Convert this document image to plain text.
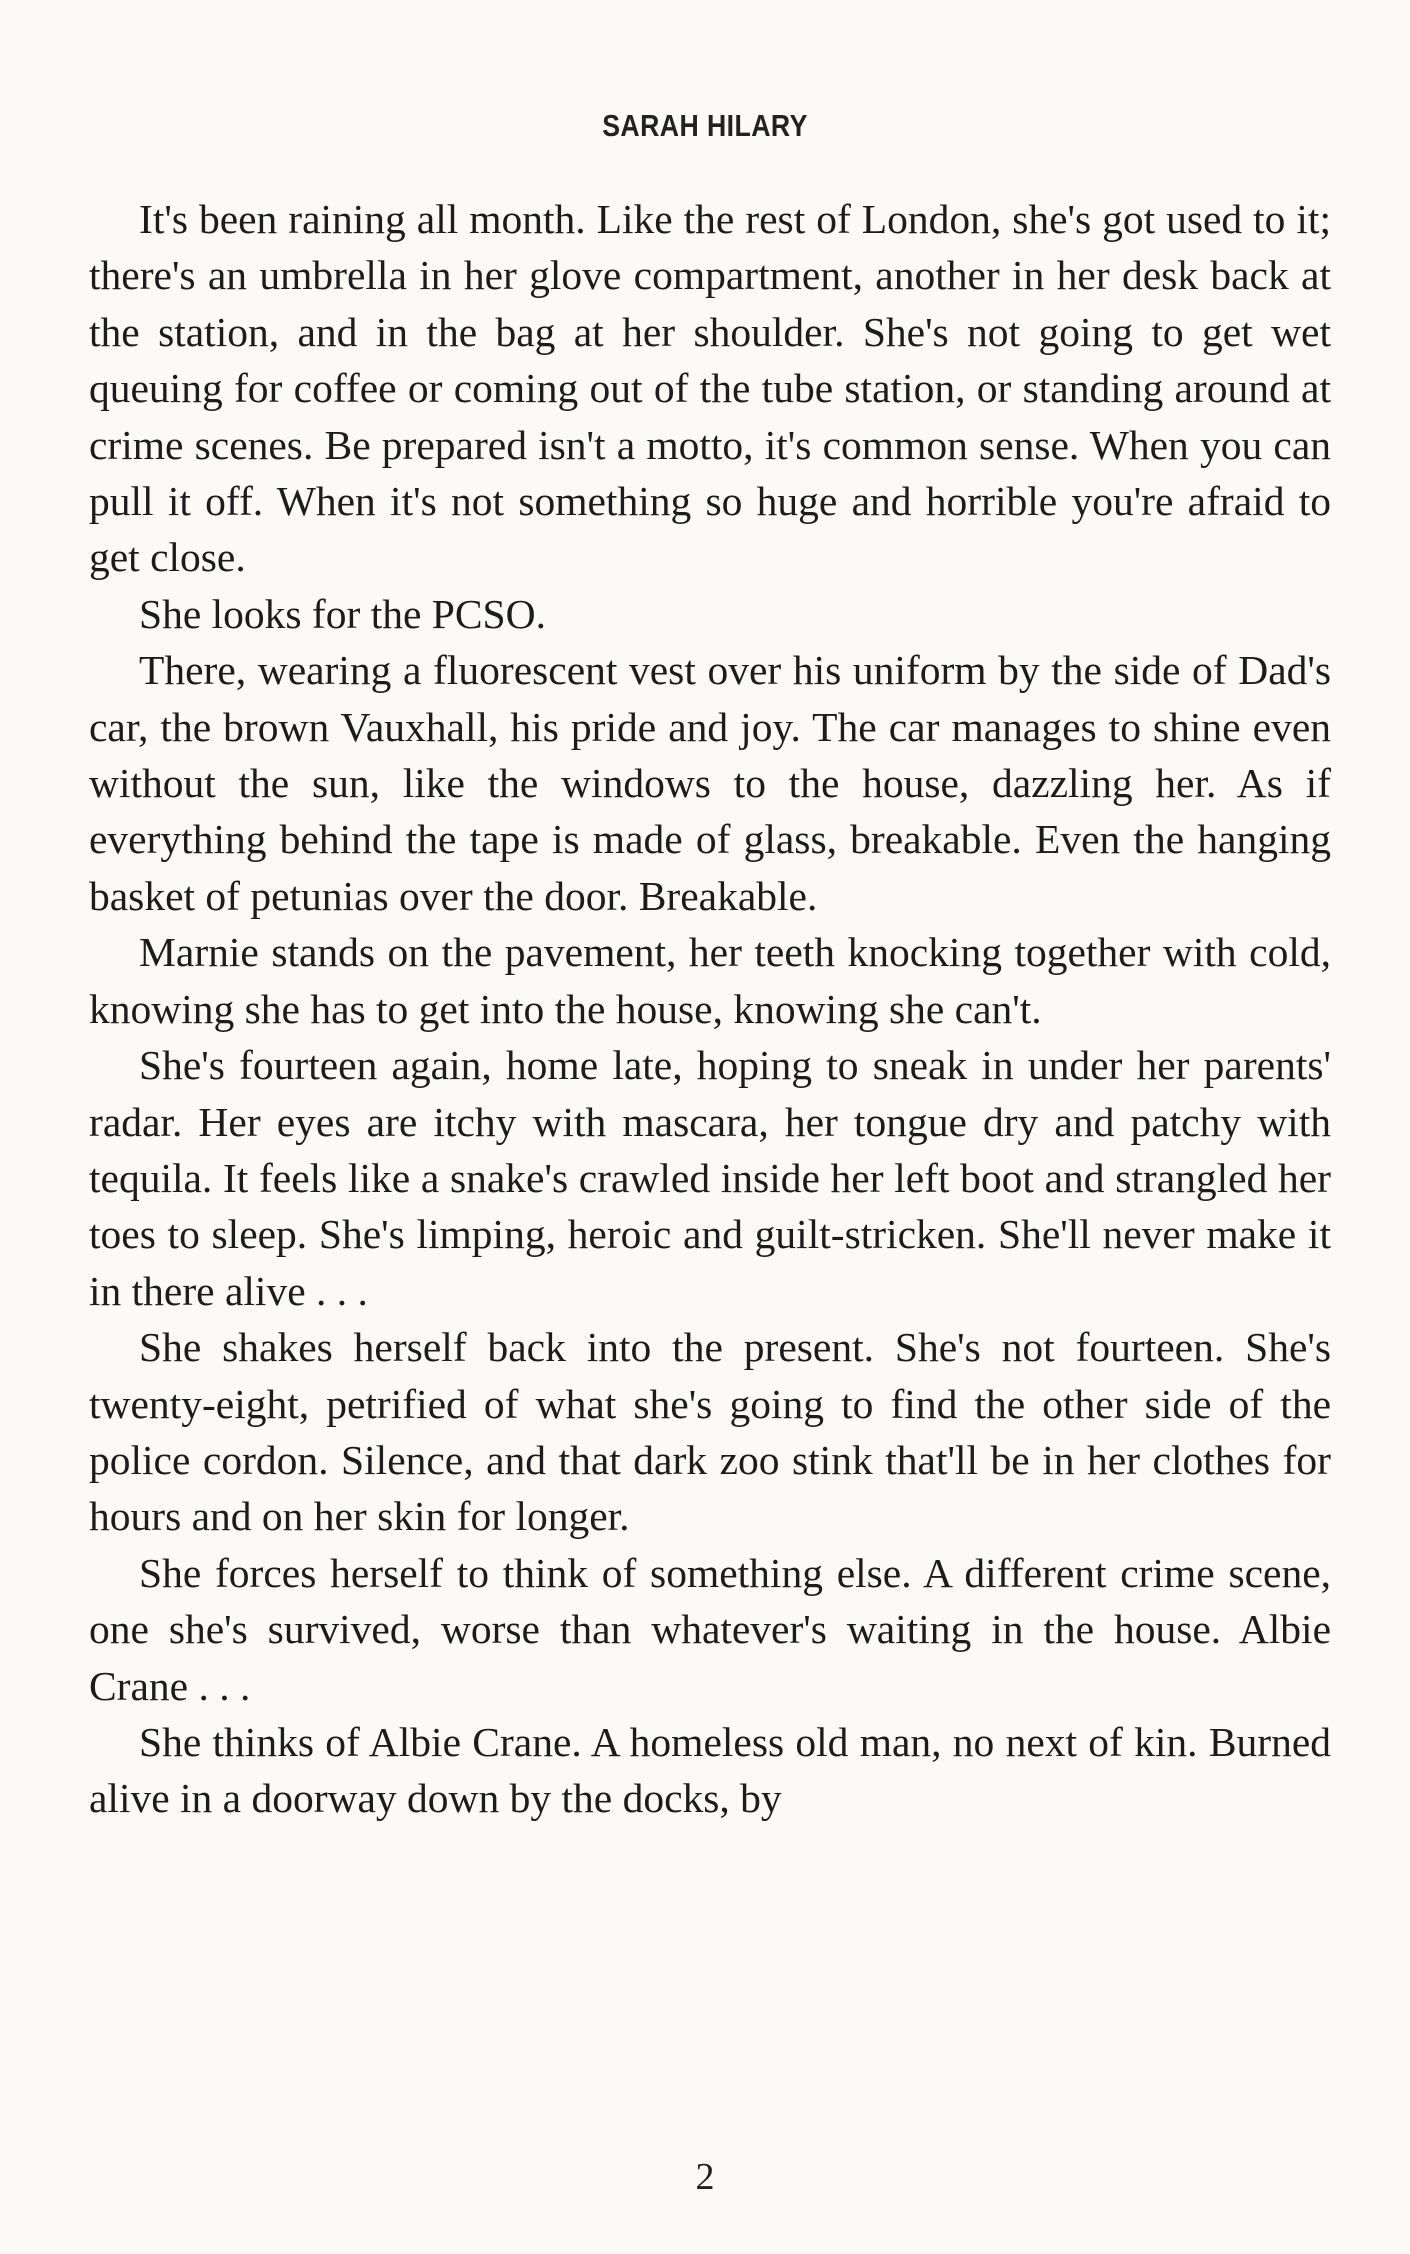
SARAH HILARY

It's been raining all month. Like the rest of London, she's got used to it; there's an umbrella in her glove compartment, another in her desk back at the station, and in the bag at her shoulder. She's not going to get wet queuing for coffee or coming out of the tube station, or standing around at crime scenes. Be prepared isn't a motto, it's common sense. When you can pull it off. When it's not something so huge and horrible you're afraid to get close.

She looks for the PCSO.

There, wearing a fluorescent vest over his uniform by the side of Dad's car, the brown Vauxhall, his pride and joy. The car manages to shine even without the sun, like the windows to the house, dazzling her. As if everything behind the tape is made of glass, breakable. Even the hanging basket of petunias over the door. Breakable.

Marnie stands on the pavement, her teeth knocking together with cold, knowing she has to get into the house, knowing she can't.

She's fourteen again, home late, hoping to sneak in under her parents' radar. Her eyes are itchy with mascara, her tongue dry and patchy with tequila. It feels like a snake's crawled inside her left boot and strangled her toes to sleep. She's limping, heroic and guilt-stricken. She'll never make it in there alive . . .

She shakes herself back into the present. She's not fourteen. She's twenty-eight, petrified of what she's going to find the other side of the police cordon. Silence, and that dark zoo stink that'll be in her clothes for hours and on her skin for longer.

She forces herself to think of something else. A different crime scene, one she's survived, worse than whatever's waiting in the house. Albie Crane . . .

She thinks of Albie Crane. A homeless old man, no next of kin. Burned alive in a doorway down by the docks, by

2
